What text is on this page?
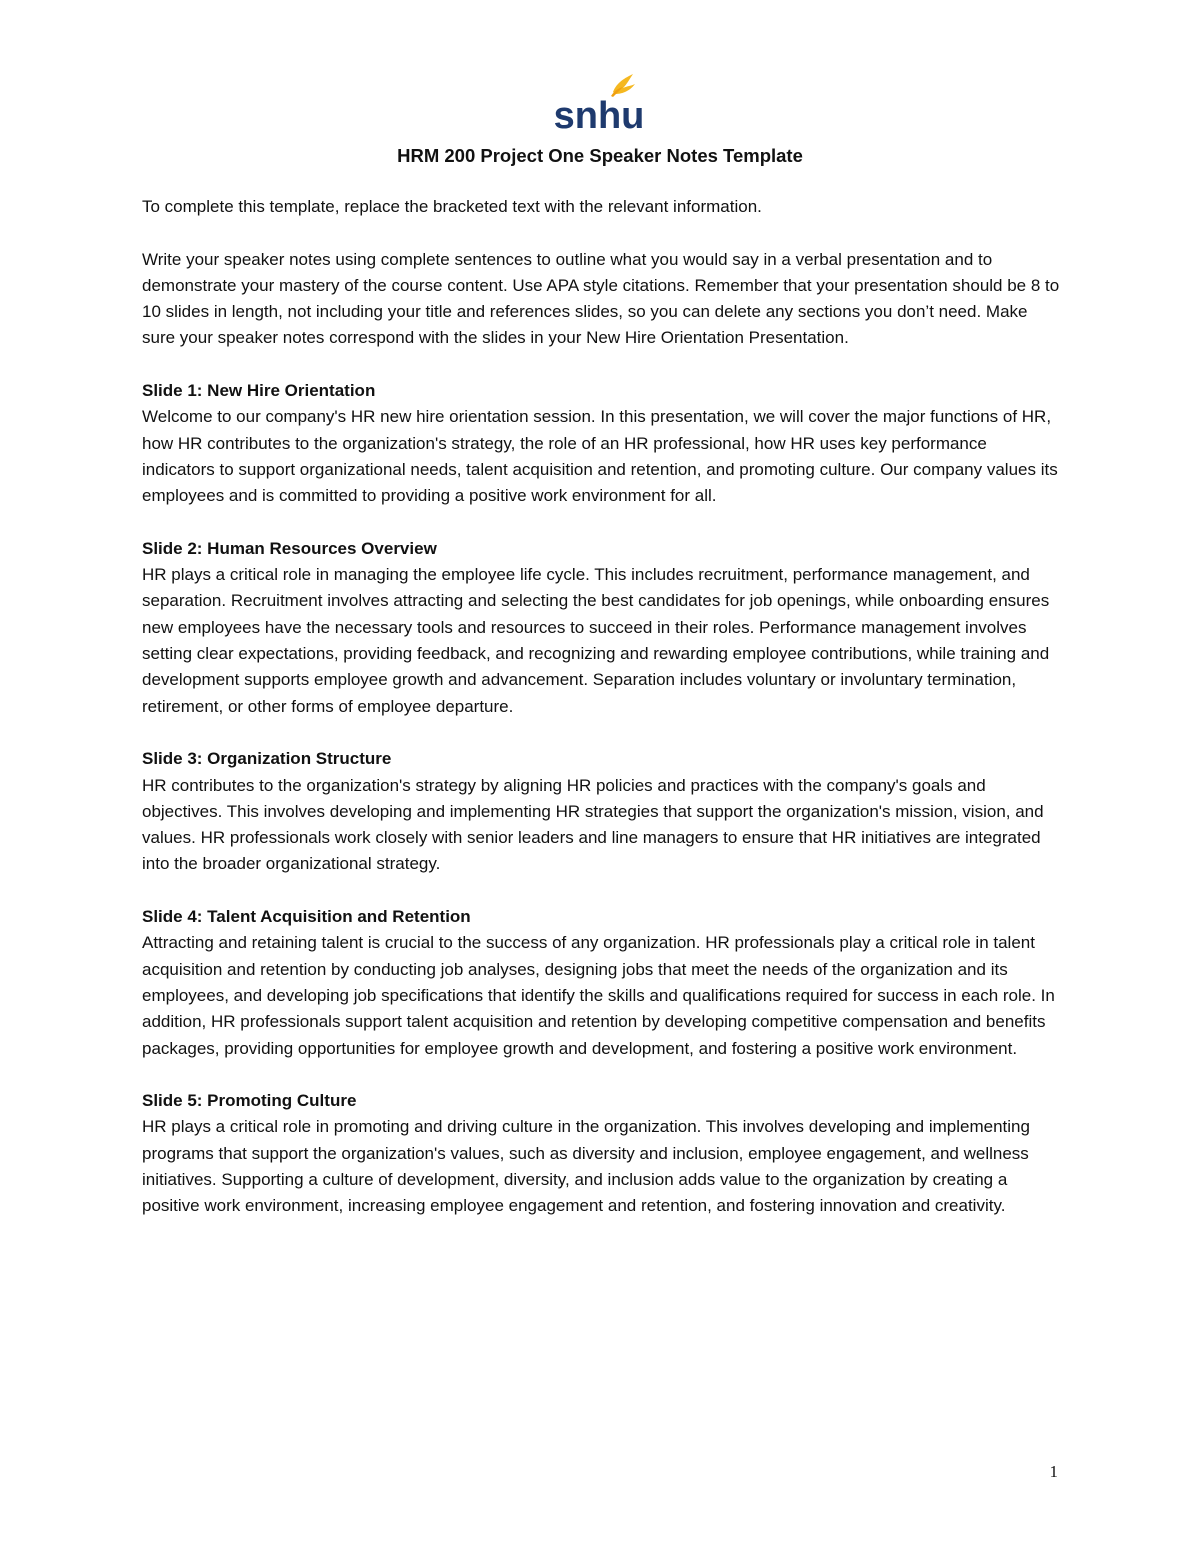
snhu
HRM 200 Project One Speaker Notes Template

To complete this template, replace the bracketed text with the relevant information.

Write your speaker notes using complete sentences to outline what you would say in a verbal presentation and to demonstrate your mastery of the course content. Use APA style citations. Remember that your presentation should be 8 to 10 slides in length, not including your title and references slides, so you can delete any sections you don’t need. Make sure your speaker notes correspond with the slides in your New Hire Orientation Presentation.

Slide 1: New Hire Orientation
Welcome to our company's HR new hire orientation session. In this presentation, we will cover the major functions of HR, how HR contributes to the organization's strategy, the role of an HR professional, how HR uses key performance indicators to support organizational needs, talent acquisition and retention, and promoting culture. Our company values its employees and is committed to providing a positive work environment for all.

Slide 2: Human Resources Overview
HR plays a critical role in managing the employee life cycle. This includes recruitment, performance management, and separation. Recruitment involves attracting and selecting the best candidates for job openings, while onboarding ensures new employees have the necessary tools and resources to succeed in their roles. Performance management involves setting clear expectations, providing feedback, and recognizing and rewarding employee contributions, while training and development supports employee growth and advancement. Separation includes voluntary or involuntary termination, retirement, or other forms of employee departure.

Slide 3: Organization Structure
HR contributes to the organization's strategy by aligning HR policies and practices with the company's goals and objectives. This involves developing and implementing HR strategies that support the organization's mission, vision, and values. HR professionals work closely with senior leaders and line managers to ensure that HR initiatives are integrated into the broader organizational strategy.

Slide 4: Talent Acquisition and Retention
Attracting and retaining talent is crucial to the success of any organization. HR professionals play a critical role in talent acquisition and retention by conducting job analyses, designing jobs that meet the needs of the organization and its employees, and developing job specifications that identify the skills and qualifications required for success in each role. In addition, HR professionals support talent acquisition and retention by developing competitive compensation and benefits packages, providing opportunities for employee growth and development, and fostering a positive work environment.

Slide 5: Promoting Culture
HR plays a critical role in promoting and driving culture in the organization. This involves developing and implementing programs that support the organization's values, such as diversity and inclusion, employee engagement, and wellness initiatives. Supporting a culture of development, diversity, and inclusion adds value to the organization by creating a positive work environment, increasing employee engagement and retention, and fostering innovation and creativity.

1
